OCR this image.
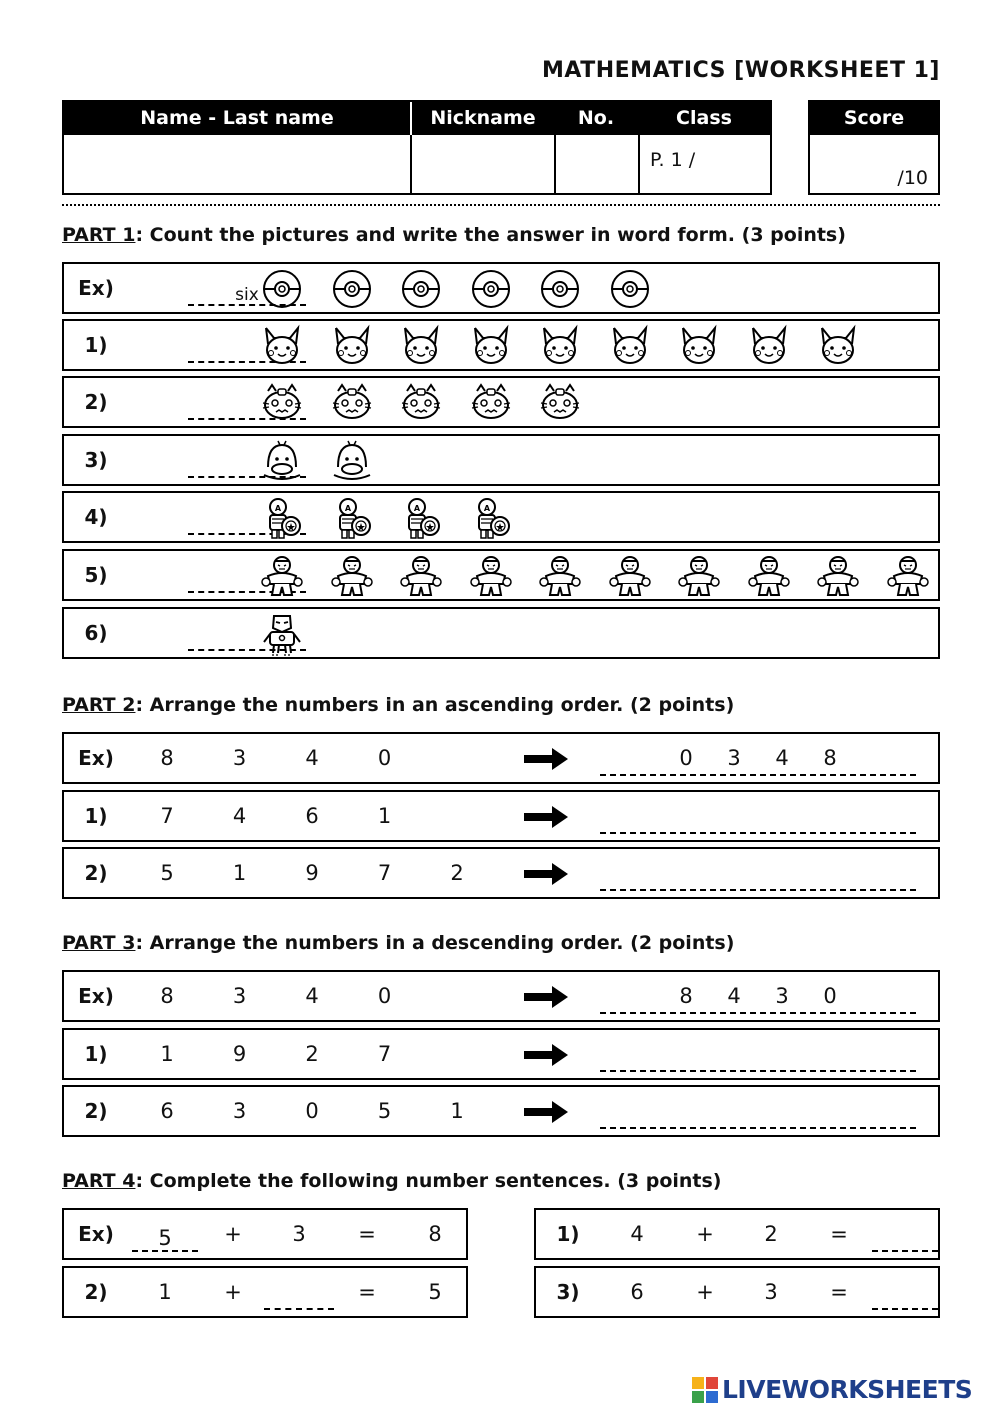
MATHEMATICS [WORKSHEET 1]
Name - Last name	Nickname	No.	Class
P. 1 /
Score
/10
PART 1: Count the pictures and write the answer in word form. (3 points)
Ex)	six
1)
2)
3)
4)	A	A	A	A
5)
6)
PART 2: Arrange the numbers in an ascending order. (2 points)
Ex)	8	3	4	0	0	3	4	8
1)	7	4	6	1
2)	5	1	9	7	2
PART 3: Arrange the numbers in a descending order. (2 points)
Ex)	8	3	4	0	8	4	3	0
1)	1	9	2	7
2)	6	3	0	5	1
PART 4: Complete the following number sentences. (3 points)
Ex)	5	+	3	=	8	1)	4	+	2	=
2)	1	+	=	5	3)	6	+	3	=
LIVEWORKSHEETS
